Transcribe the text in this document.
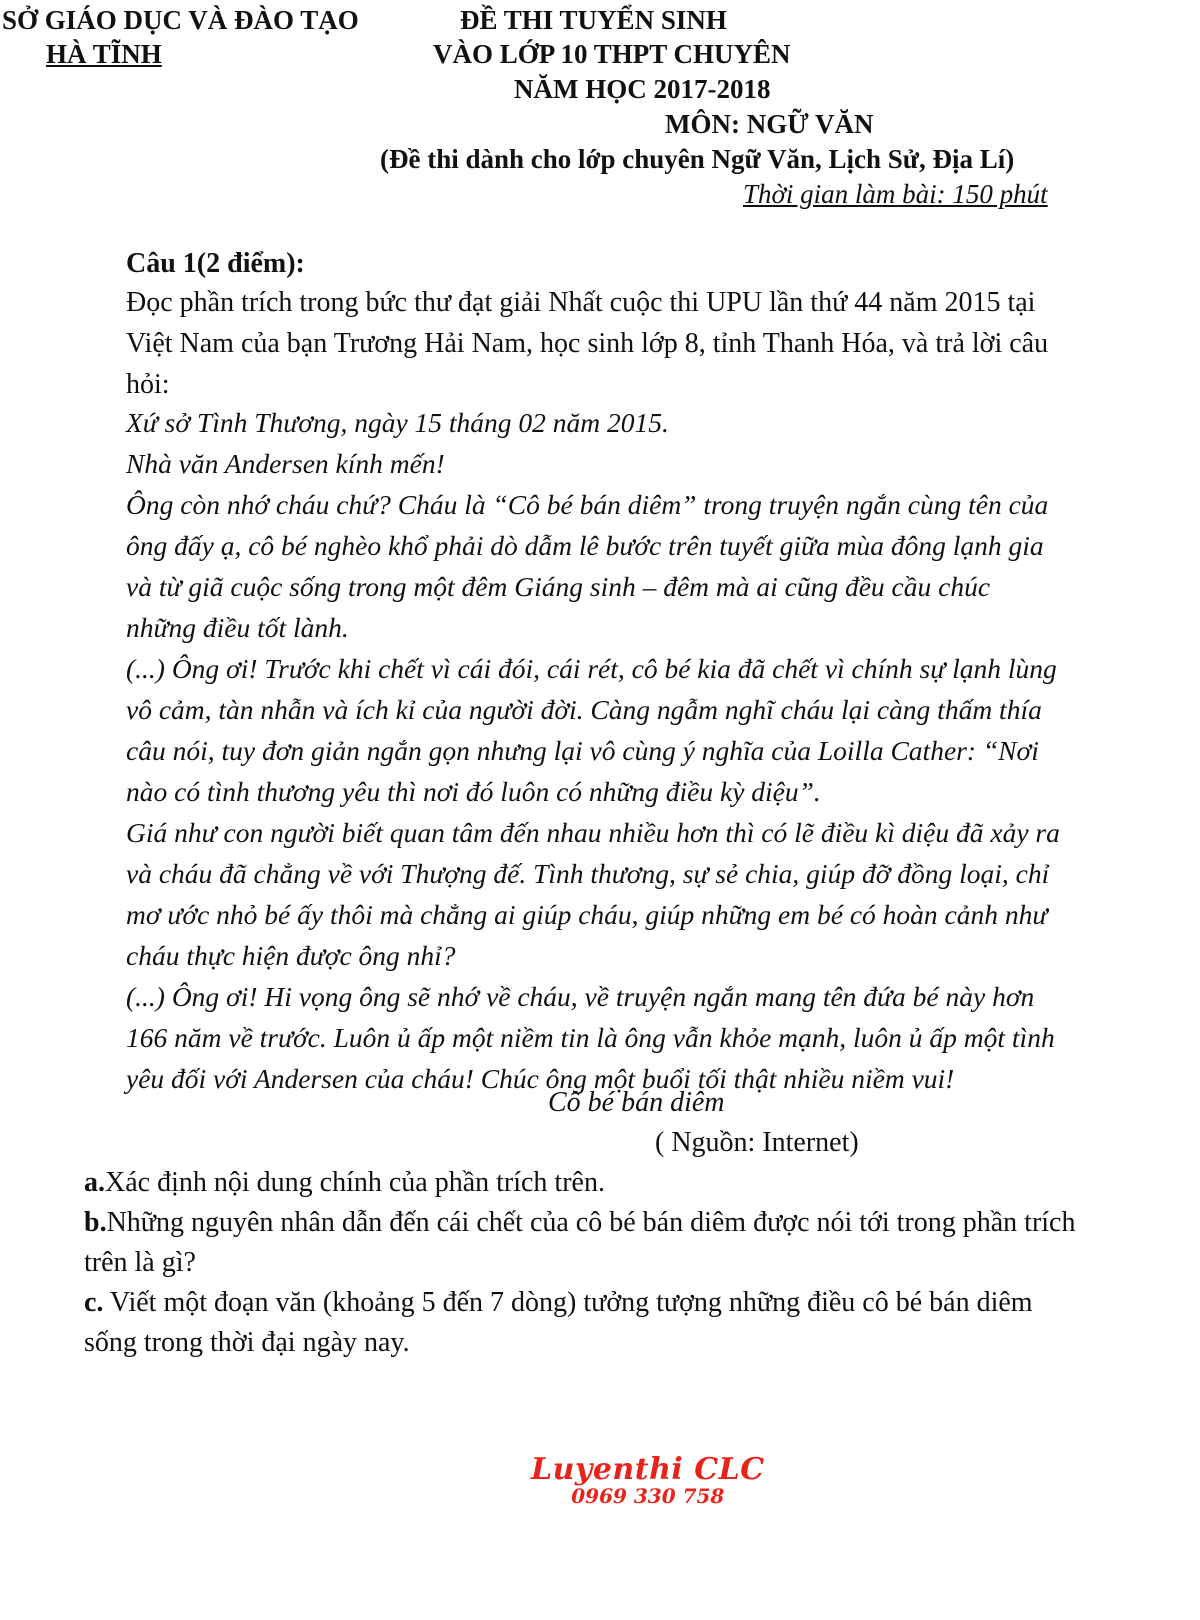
SỞ GIÁO DỤC VÀ ĐÀO TẠO
HÀ TĨNH
ĐỀ THI TUYỂN SINH
VÀO LỚP 10 THPT CHUYÊN
NĂM HỌC 2017-2018
MÔN: NGỮ VĂN
(Đề thi dành cho lớp chuyên Ngữ Văn, Lịch Sử, Địa Lí)
Thời gian làm bài: 150 phút
Câu 1(2 điểm):
Đọc phần trích trong bức thư đạt giải Nhất cuộc thi UPU lần thứ 44 năm 2015 tại
Việt Nam của bạn Trương Hải Nam, học sinh lớp 8, tỉnh Thanh Hóa, và trả lời câu
hỏi:
Xứ sở Tình Thương, ngày 15 tháng 02 năm 2015.
Nhà văn Andersen kính mến!
Ông còn nhớ cháu chứ? Cháu là “Cô bé bán diêm” trong truyện ngắn cùng tên của
ông đấy ạ, cô bé nghèo khổ phải dò dẫm lê bước trên tuyết giữa mùa đông lạnh gia
và từ giã cuộc sống trong một đêm Giáng sinh – đêm mà ai cũng đều cầu chúc
những điều tốt lành.
(...) Ông ơi! Trước khi chết vì cái đói, cái rét, cô bé kia đã chết vì chính sự lạnh lùng
vô cảm, tàn nhẫn và ích kỉ của người đời. Càng ngẫm nghĩ cháu lại càng thấm thía
câu nói, tuy đơn giản ngắn gọn nhưng lại vô cùng ý nghĩa của Loilla Cather: “Nơi
nào có tình thương yêu thì nơi đó luôn có những điều kỳ diệu”.
Giá như con người biết quan tâm đến nhau nhiều hơn thì có lẽ điều kì diệu đã xảy ra
và cháu đã chẳng về với Thượng đế. Tình thương, sự sẻ chia, giúp đỡ đồng loại, chỉ
mơ ước nhỏ bé ấy thôi mà chẳng ai giúp cháu, giúp những em bé có hoàn cảnh như
cháu thực hiện được ông nhỉ?
(...) Ông ơi! Hi vọng ông sẽ nhớ về cháu, về truyện ngắn mang tên đứa bé này hơn
166 năm về trước. Luôn ủ ấp một niềm tin là ông vẫn khỏe mạnh, luôn ủ ấp một tình
yêu đối với Andersen của cháu! Chúc ông một buổi tối thật nhiều niềm vui!
Cô bé bán diêm
( Nguồn: Internet)
a.Xác định nội dung chính của phần trích trên.
b.Những nguyên nhân dẫn đến cái chết của cô bé bán diêm được nói tới trong phần trích
trên là gì?
c. Viết một đoạn văn (khoảng 5 đến 7 dòng) tưởng tượng những điều cô bé bán diêm
sống trong thời đại ngày nay.
Luyenthi CLC
0969 330 758
